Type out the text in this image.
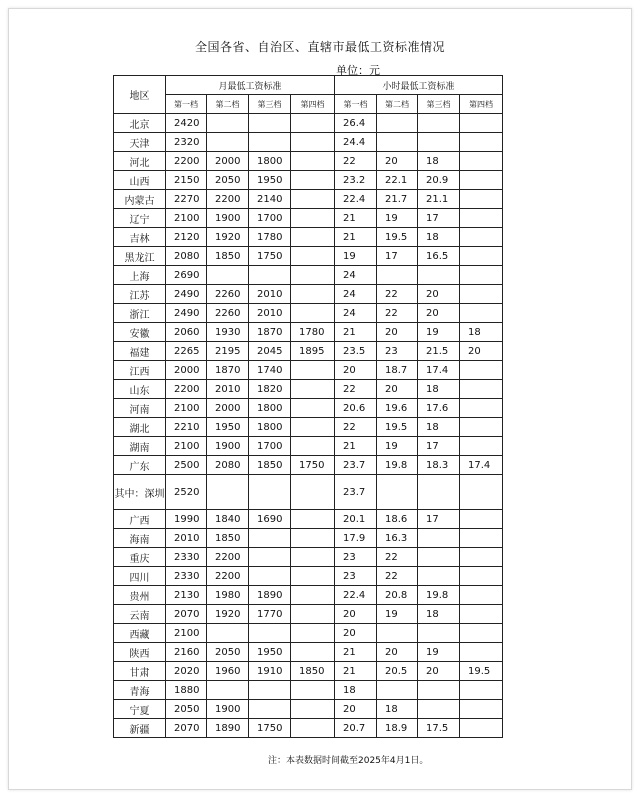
全国各省、自治区、直辖市最低工资标准情况
单位：元
地区	月最低工资标准				小时最低工资标准			
	第一档	第二档	第三档	第四档	第一档	第二档	第三档	第四档
北京	2420				26.4			
天津	2320				24.4			
河北	2200	2000	1800		22	20	18	
山西	2150	2050	1950		23.2	22.1	20.9	
内蒙古	2270	2200	2140		22.4	21.7	21.1	
辽宁	2100	1900	1700		21	19	17	
吉林	2120	1920	1780		21	19.5	18	
黑龙江	2080	1850	1750		19	17	16.5	
上海	2690				24			
江苏	2490	2260	2010		24	22	20	
浙江	2490	2260	2010		24	22	20	
安徽	2060	1930	1870	1780	21	20	19	18
福建	2265	2195	2045	1895	23.5	23	21.5	20
江西	2000	1870	1740		20	18.7	17.4	
山东	2200	2010	1820		22	20	18	
河南	2100	2000	1800		20.6	19.6	17.6	
湖北	2210	1950	1800		22	19.5	18	
湖南	2100	1900	1700		21	19	17	
广东	2500	2080	1850	1750	23.7	19.8	18.3	17.4
其中：深圳	2520				23.7			
广西	1990	1840	1690		20.1	18.6	17	
海南	2010	1850			17.9	16.3		
重庆	2330	2200			23	22		
四川	2330	2200			23	22		
贵州	2130	1980	1890		22.4	20.8	19.8	
云南	2070	1920	1770		20	19	18	
西藏	2100				20			
陕西	2160	2050	1950		21	20	19	
甘肃	2020	1960	1910	1850	21	20.5	20	19.5
青海	1880				18			
宁夏	2050	1900			20	18		
新疆	2070	1890	1750		20.7	18.9	17.5	
注：本表数据时间截至2025年4月1日。
